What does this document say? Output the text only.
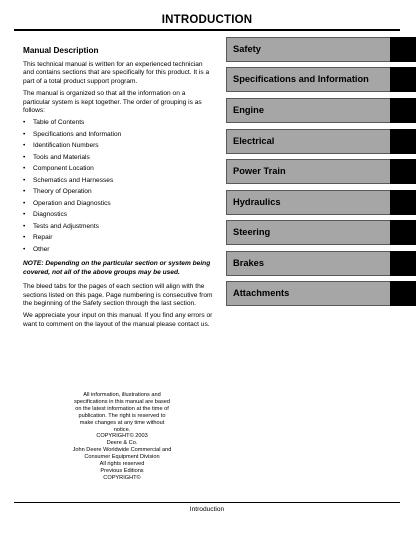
INTRODUCTION
Manual Description

This technical manual is written for an experienced technician and contains sections that are specifically for this product. It is a part of a total product support program.

The manual is organized so that all the information on a particular system is kept together. The order of grouping is as follows:

• Table of Contents
• Specifications and Information
• Identification Numbers
• Tools and Materials
• Component Location
• Schematics and Harnesses
• Theory of Operation
• Operation and Diagnostics
• Diagnostics
• Tests and Adjustments
• Repair
• Other

NOTE: Depending on the particular section or system being covered, not all of the above groups may be used.

The bleed tabs for the pages of each section will align with the sections listed on this page. Page numbering is consecutive from the beginning of the Safety section through the last section.

We appreciate your input on this manual. If you find any errors or want to comment on the layout of the manual please contact us.

All information, illustrations and
specifications in this manual are based
on the latest information at the time of
publication. The right is reserved to
make changes at any time without
notice.
COPYRIGHT© 2003
Deere & Co.
John Deere Worldwide Commercial and
Consumer Equipment Division
All rights reserved
Previous Editions
COPYRIGHT©
Safety
Specifications and Information
Engine
Electrical
Power Train
Hydraulics
Steering
Brakes
Attachments
Introduction
